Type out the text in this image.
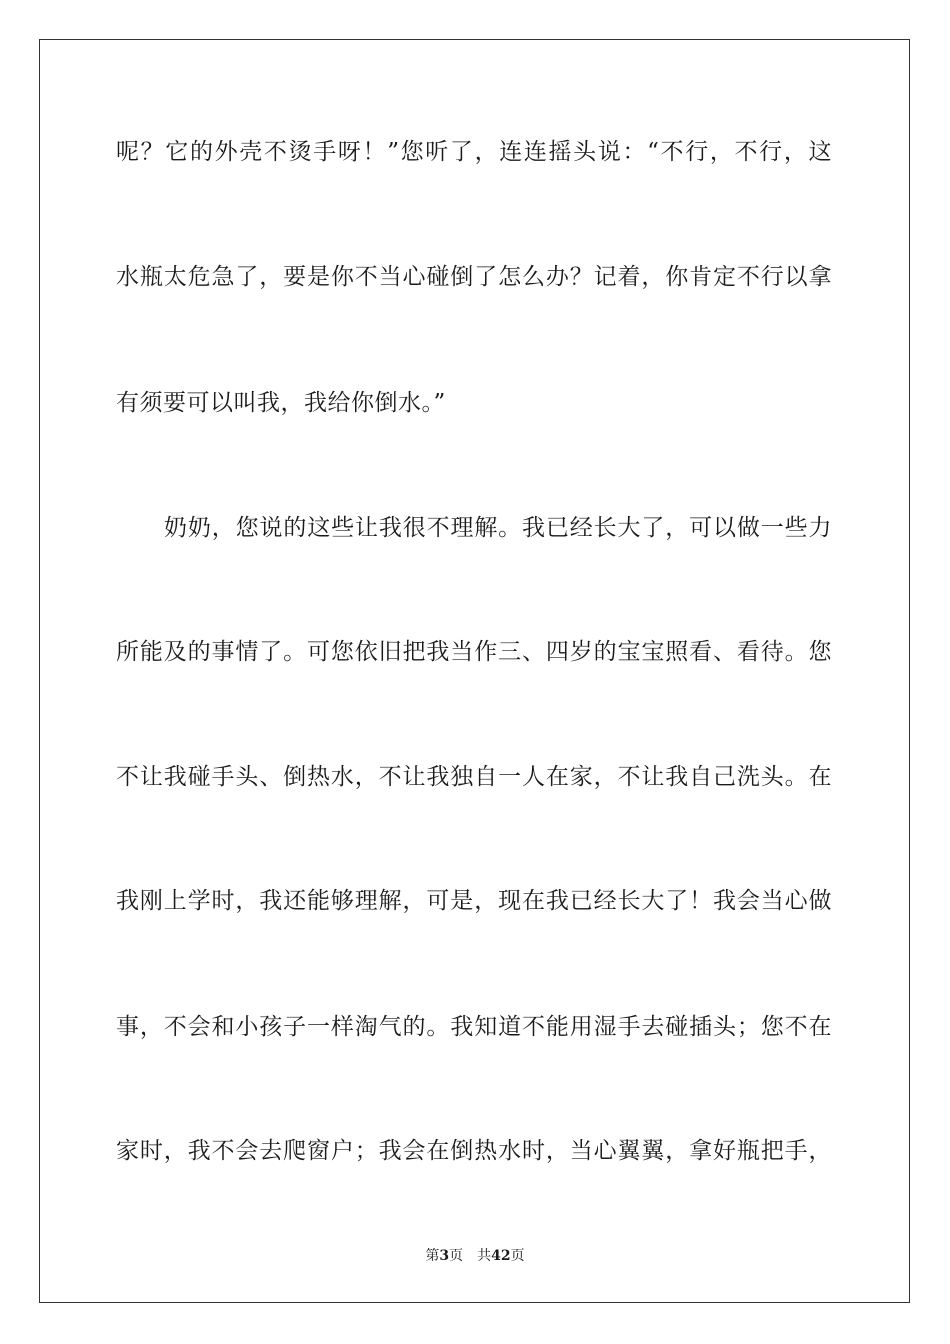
呢？它的外壳不烫手呀！”您听了，连连摇头说：“不行，不行，这
水瓶太危急了，要是你不当心碰倒了怎么办？记着，你肯定不行以拿
有须要可以叫我，我给你倒水。”
奶奶，您说的这些让我很不理解。我已经长大了，可以做一些力
所能及的事情了。可您依旧把我当作三、四岁的宝宝照看、看待。您
不让我碰手头、倒热水，不让我独自一人在家，不让我自己洗头。在
我刚上学时，我还能够理解，可是，现在我已经长大了！我会当心做
事，不会和小孩子一样淘气的。我知道不能用湿手去碰插头；您不在
家时，我不会去爬窗户；我会在倒热水时，当心翼翼，拿好瓶把手，
第3页 共42页
